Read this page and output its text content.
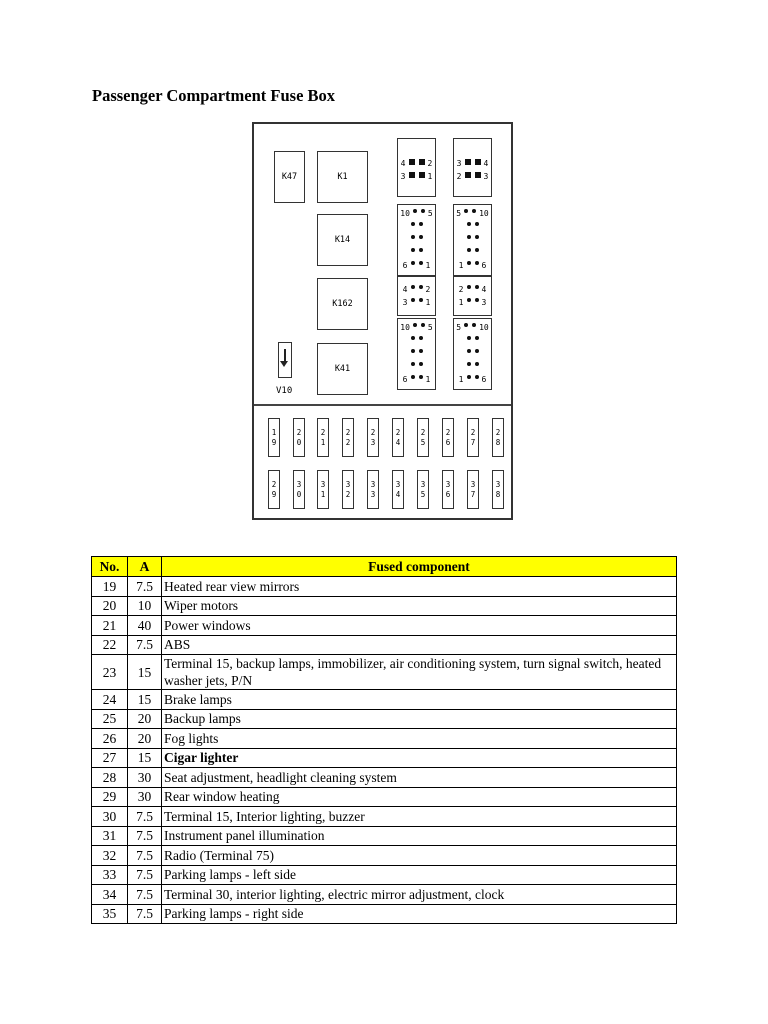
Passenger Compartment Fuse Box
K47	K1
K14
K162
K41
V10
4	2
3	1
3	4
2	3
10 5
6 1
5 10
1 6
4 2
3 1
2 4
1 3
10 5
6 1
5 10
1 6
1
9
2
0
2
1
2
2
2
3
2
4
2
5
2
6
2
7
2
8
2
9
3
0
3
1
3
2
3
3
3
4
3
5
3
6
3
7
3
8
No.	A	Fused component
19	7.5	Heated rear view mirrors
20	10	Wiper motors
21	40	Power windows
22	7.5	ABS
23	15	Terminal 15, backup lamps, immobilizer, air conditioning system, turn signal switch, heated washer jets, P/N
24	15	Brake lamps
25	20	Backup lamps
26	20	Fog lights
27	15	Cigar lighter
28	30	Seat adjustment, headlight cleaning system
29	30	Rear window heating
30	7.5	Terminal 15, Interior lighting, buzzer
31	7.5	Instrument panel illumination
32	7.5	Radio (Terminal 75)
33	7.5	Parking lamps - left side
34	7.5	Terminal 30, interior lighting, electric mirror adjustment, clock
35	7.5	Parking lamps - right side
